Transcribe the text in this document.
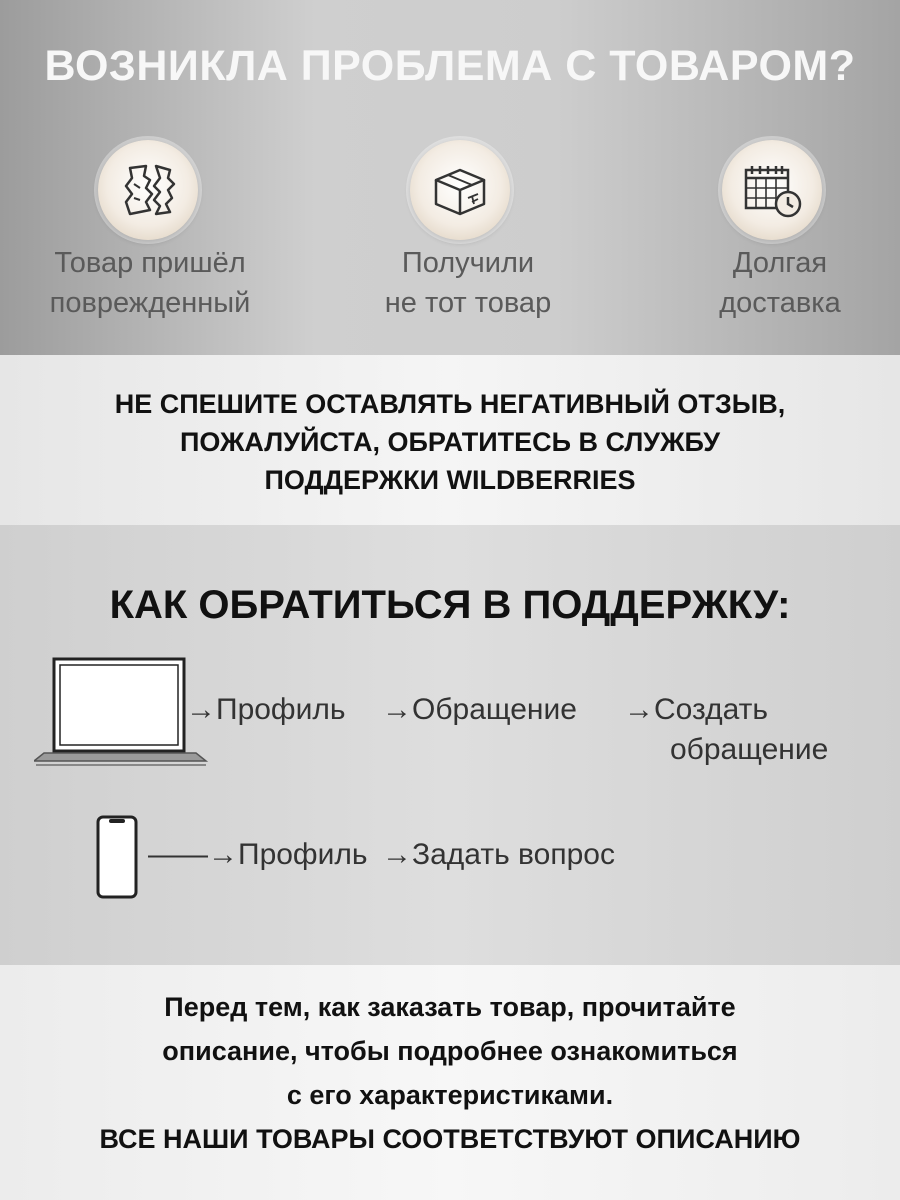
ВОЗНИКЛА ПРОБЛЕМА С ТОВАРОМ?
Товар пришёл
поврежденный
Получили
не тот товар
Долгая
доставка
НЕ СПЕШИТЕ ОСТАВЛЯТЬ НЕГАТИВНЫЙ ОТЗЫВ,
ПОЖАЛУЙСТА, ОБРАТИТЕСЬ В СЛУЖБУ
ПОДДЕРЖКИ WILDBERRIES
КАК ОБРАТИТЬСЯ В ПОДДЕРЖКУ:
→Профиль →Обращение →Создать
обращение
——→Профиль →Задать вопрос
Перед тем, как заказать товар, прочитайте
описание, чтобы подробнее ознакомиться
с его характеристиками.
ВСЕ НАШИ ТОВАРЫ СООТВЕТСТВУЮТ ОПИСАНИЮ
